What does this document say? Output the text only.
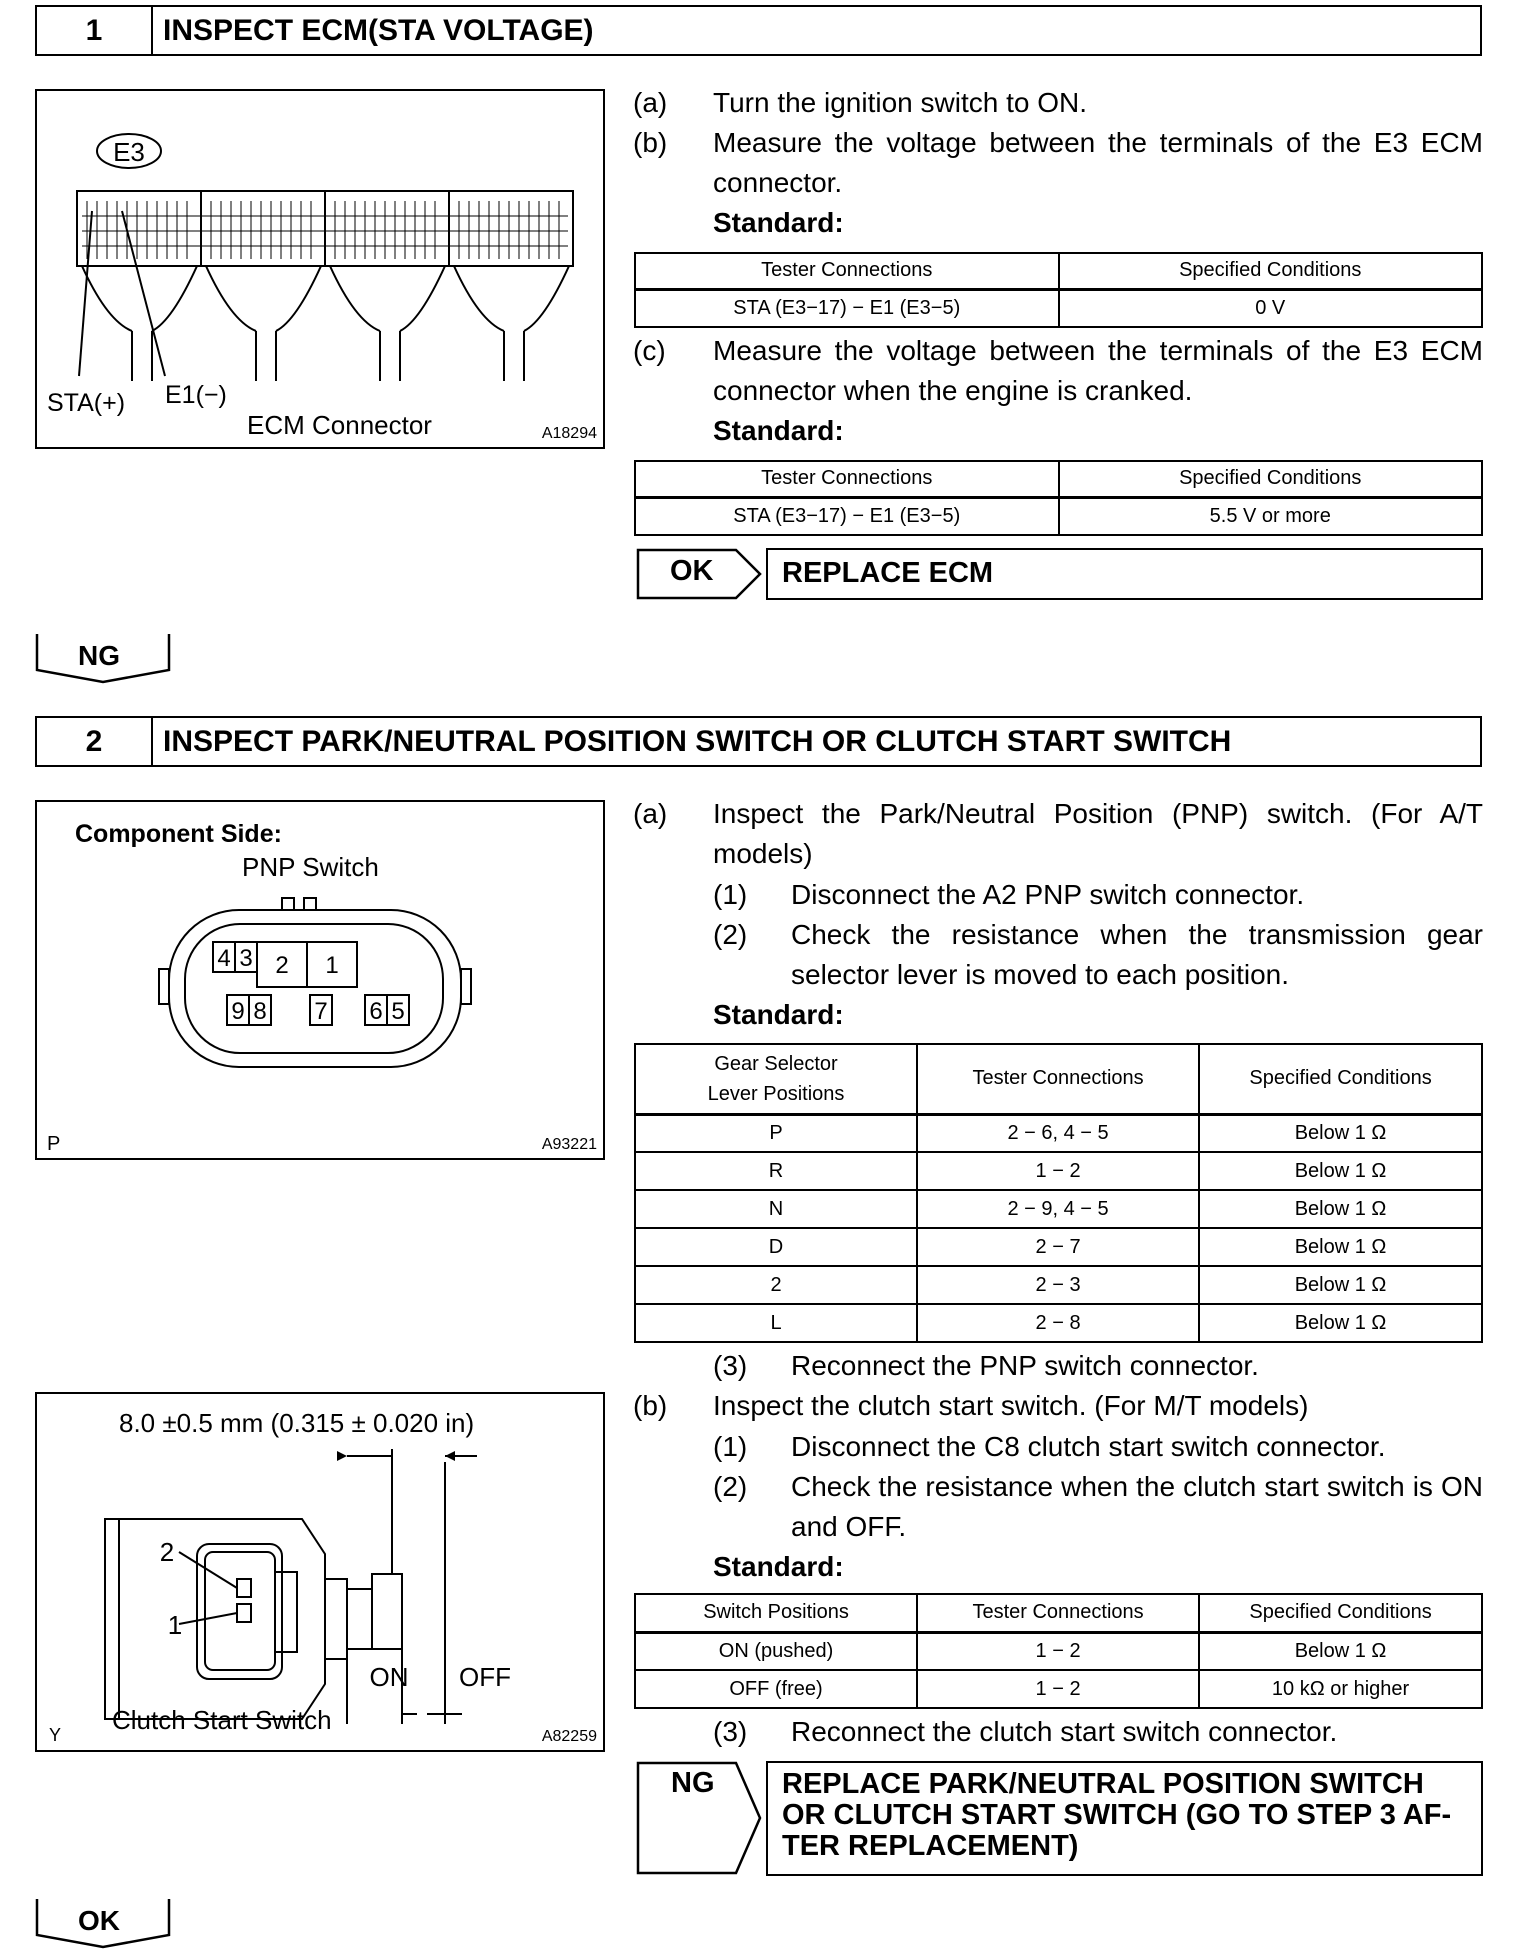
1	INSPECT ECM(STA VOLTAGE)
E3
STA(+) E1(−)
ECM Connector	A18294
(a) Turn the ignition switch to ON.
(b) Measure the voltage between the terminals of the E3 ECM connector.
Standard:
Tester Connections	Specified Conditions
STA (E3−17) − E1 (E3−5)	0 V
(c) Measure the voltage between the terminals of the E3 ECM connector when the engine is cranked.
Standard:
Tester Connections	Specified Conditions
STA (E3−17) − E1 (E3−5)	5.5 V or more
OK	REPLACE ECM
NG
2	INSPECT PARK/NEUTRAL POSITION SWITCH OR CLUTCH START SWITCH
Component Side:
PNP Switch
4 3 2 1
9 8 7 6 5
P	A93221
8.0 ±0.5 mm (0.315 ± 0.020 in)
2
1
ON OFF
Clutch Start Switch
Y	A82259
(a) Inspect the Park/Neutral Position (PNP) switch. (For A/T models)
(1) Disconnect the A2 PNP switch connector.
(2) Check the resistance when the transmission gear selector lever is moved to each position.
Standard:
Gear Selector
Lever Positions	Tester Connections	Specified Conditions
P	2 − 6, 4 − 5	Below 1 Ω
R	1 − 2	Below 1 Ω
N	2 − 9, 4 − 5	Below 1 Ω
D	2 − 7	Below 1 Ω
2	2 − 3	Below 1 Ω
L	2 − 8	Below 1 Ω
(3) Reconnect the PNP switch connector.
(b) Inspect the clutch start switch. (For M/T models)
(1) Disconnect the C8 clutch start switch connector.
(2) Check the resistance when the clutch start switch is ON and OFF.
Standard:
Switch Positions	Tester Connections	Specified Conditions
ON (pushed)	1 − 2	Below 1 Ω
OFF (free)	1 − 2	10 kΩ or higher
(3) Reconnect the clutch start switch connector.
NG	REPLACE PARK/NEUTRAL POSITION SWITCH OR CLUTCH START SWITCH (GO TO STEP 3 AF- TER REPLACEMENT)
OK
